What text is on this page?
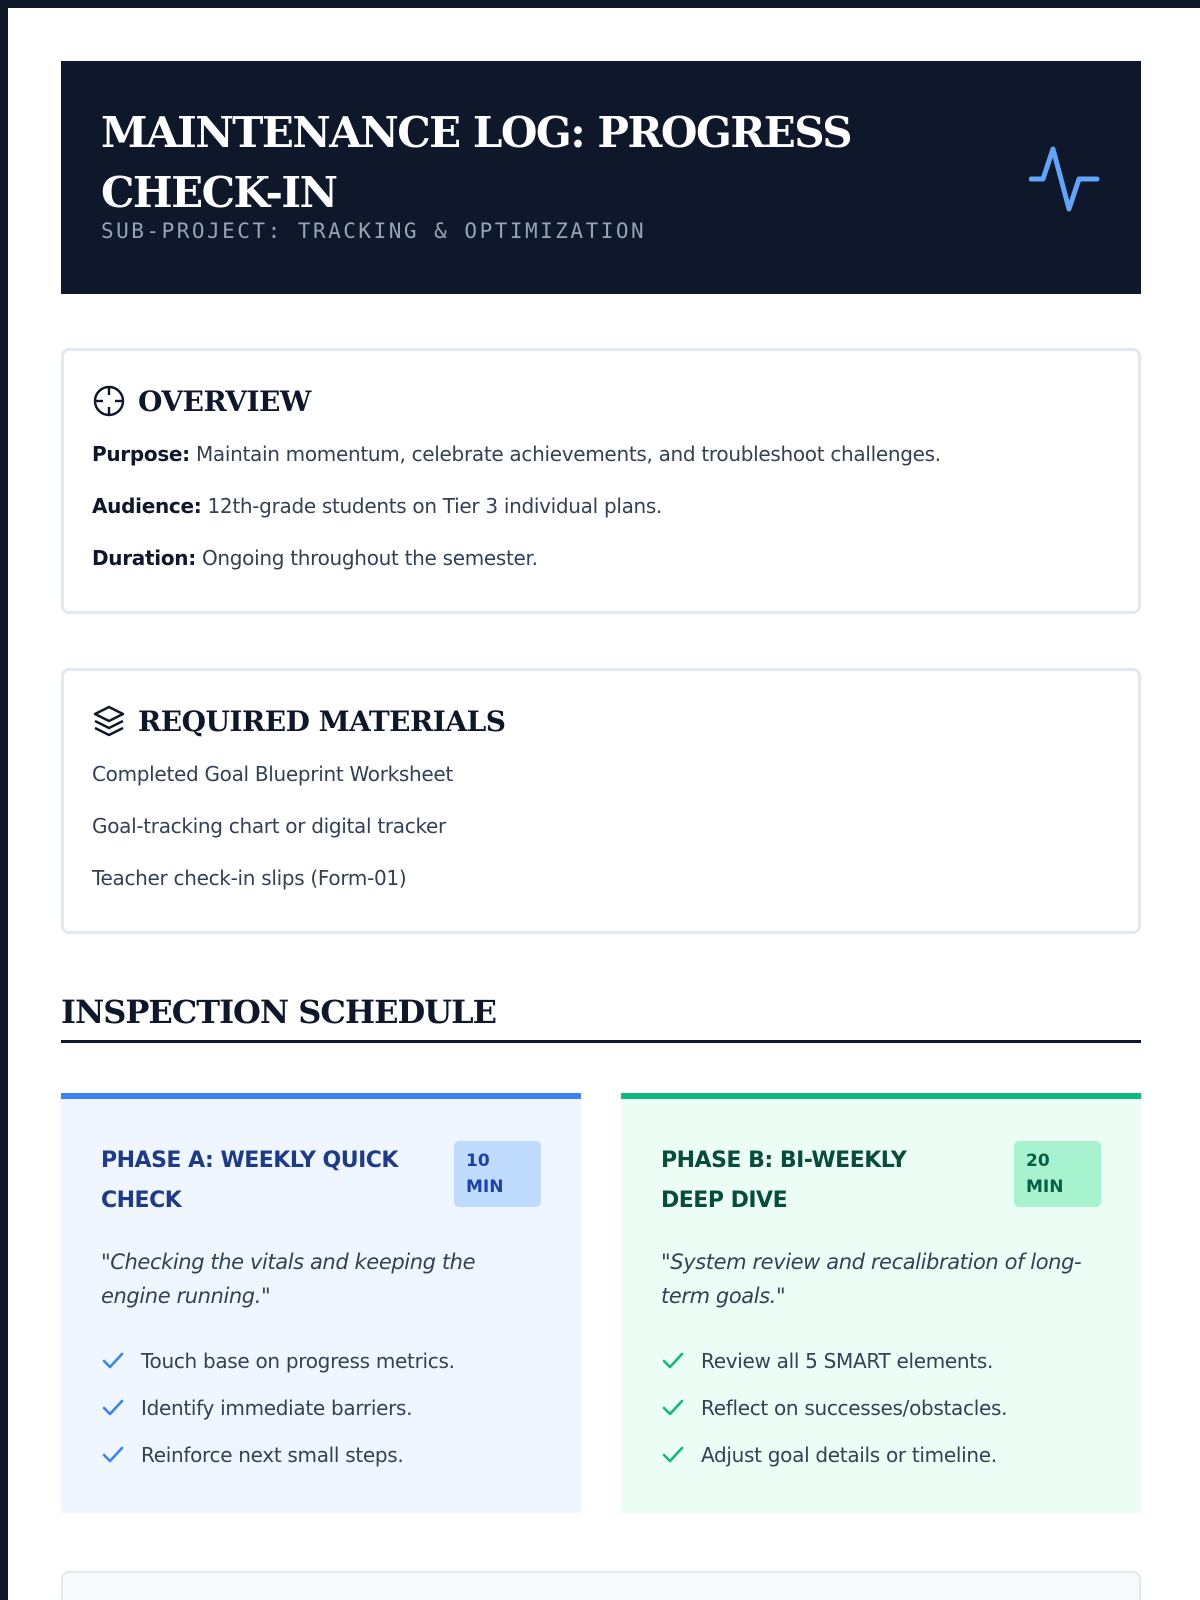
MAINTENANCE LOG: PROGRESS CHECK-IN
SUB-PROJECT: TRACKING & OPTIMIZATION
OVERVIEW

Purpose: Maintain momentum, celebrate achievements, and troubleshoot challenges.

Audience: 12th-grade students on Tier 3 individual plans.

Duration: Ongoing throughout the semester.

REQUIRED MATERIALS

Completed Goal Blueprint Worksheet

Goal-tracking chart or digital tracker

Teacher check-in slips (Form-01)

INSPECTION SCHEDULE
PHASE A: WEEKLY QUICK CHECK
10
MIN

"Checking the vitals and keeping the engine running."

Touch base on progress metrics.
Identify immediate barriers.
Reinforce next small steps.
PHASE B: BI-WEEKLY DEEP DIVE
20
MIN

"System review and recalibration of long-term goals."

Review all 5 SMART elements.
Reflect on successes/obstacles.
Adjust goal details or timeline.
